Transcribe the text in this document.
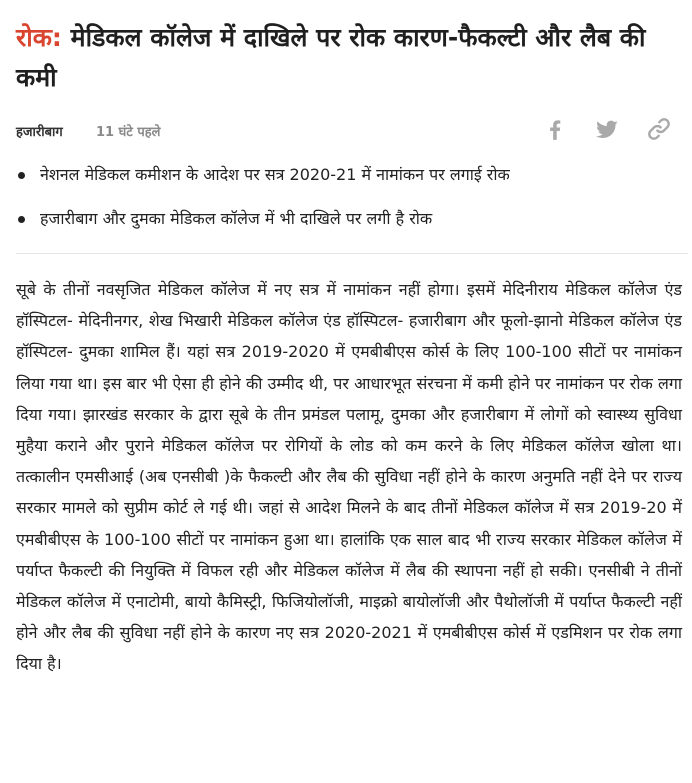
रोक: मेडिकल कॉलेज में दाखिले पर रोक कारण-फैकल्टी और लैब की कमी
हजारीबाग	11 घंटे पहले
नेशनल मेडिकल कमीशन के आदेश पर सत्र 2020-21 में नामांकन पर लगाई रोक
हजारीबाग और दुमका मेडिकल कॉलेज में भी दाखिले पर लगी है रोक

सूबे के तीनों नवसृजित मेडिकल कॉलेज में नए सत्र में नामांकन नहीं होगा। इसमें मेदिनीराय मेडिकल कॉलेज एंड हॉस्पिटल- मेदिनीनगर, शेख भिखारी मेडिकल कॉलेज एंड हॉस्पिटल- हजारीबाग और फूलो-झानो मेडिकल कॉलेज एंड हॉस्पिटल- दुमका शामिल हैं। यहां सत्र 2019-2020 में एमबीबीएस कोर्स के लिए 100-100 सीटों पर नामांकन लिया गया था। इस बार भी ऐसा ही होने की उम्मीद थी, पर आधारभूत संरचना में कमी होने पर नामांकन पर रोक लगा दिया गया। झारखंड सरकार के द्वारा सूबे के तीन प्रमंडल पलामू, दुमका और हजारीबाग में लोगों को स्वास्थ्य सुविधा मुहैया कराने और पुराने मेडिकल कॉलेज पर रोगियों के लोड को कम करने के लिए मेडिकल कॉलेज खोला था। तत्कालीन एमसीआई (अब एनसीबी )के फैकल्टी और लैब की सुविधा नहीं होने के कारण अनुमति नहीं देने पर राज्य सरकार मामले को सुप्रीम कोर्ट ले गई थी। जहां से आदेश मिलने के बाद तीनों मेडिकल कॉलेज में सत्र 2019-20 में एमबीबीएस के 100-100 सीटों पर नामांकन हुआ था। हालांकि एक साल बाद भी राज्य सरकार मेडिकल कॉलेज में पर्याप्त फैकल्टी की नियुक्ति में विफल रही और मेडिकल कॉलेज में लैब की स्थापना नहीं हो सकी। एनसीबी ने तीनों मेडिकल कॉलेज में एनाटोमी, बायो कैमिस्ट्री, फिजियोलॉजी, माइक्रो बायोलॉजी और पैथोलॉजी में पर्याप्त फैकल्टी नहीं होने और लैब की सुविधा नहीं होने के कारण नए सत्र 2020-2021 में एमबीबीएस कोर्स में एडमिशन पर रोक लगा दिया है।
